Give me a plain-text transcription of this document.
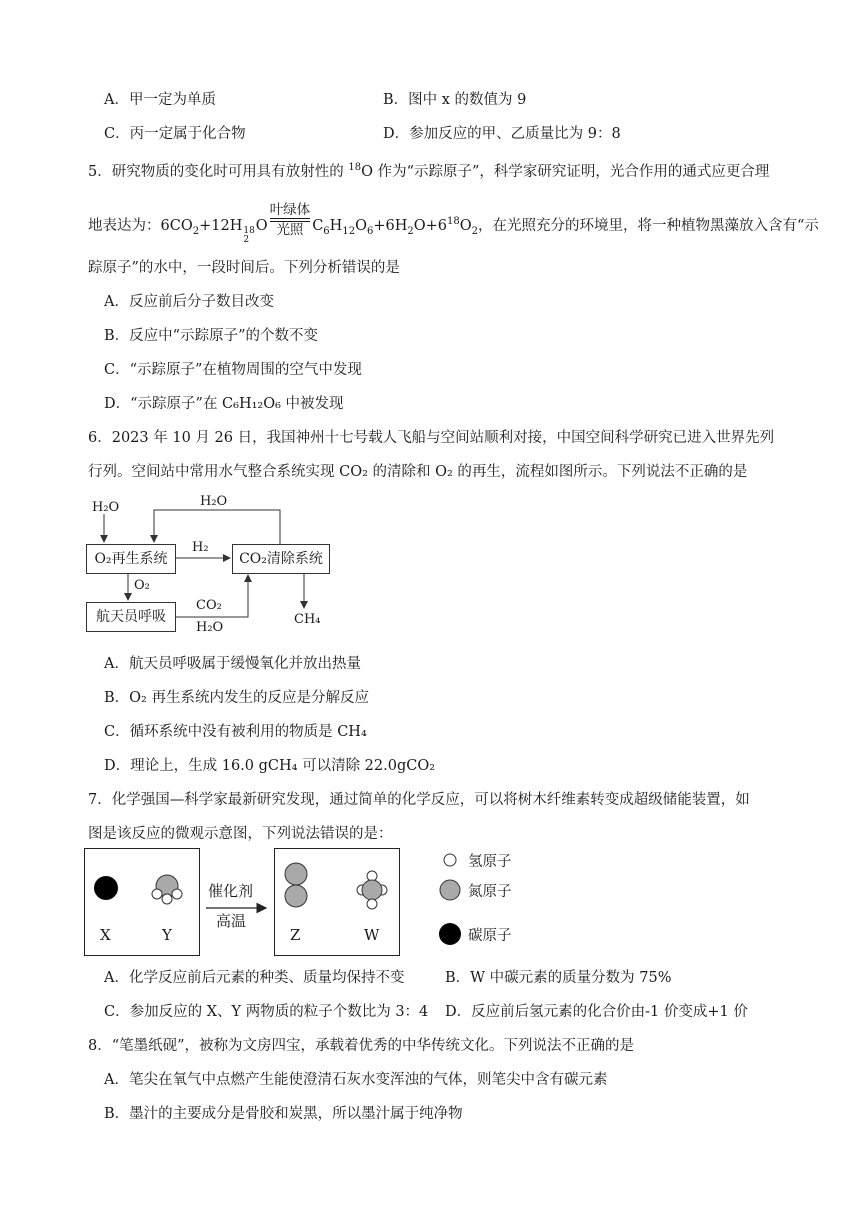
A．甲一定为单质	B．图中 x 的数值为 9
C．丙一定属于化合物	D．参加反应的甲、乙质量比为 9：8
5．研究物质的变化时可用具有放射性的 $^{18}$O 作为“示踪原子”，科学家研究证明，光合作用的通式应更合理
地表达为：$6CO_2+12H$ 18
2
O $\frac{\text{叶绿体}}{\text{光照}} C_6H_{12}O_6+6H_2O+6^{18}O_2$，在光照充分的环境里，将一种植物黑藻放入含有“示
踪原子”的水中，一段时间后。下列分析错误的是
A．反应前后分子数目改变
B．反应中“示踪原子”的个数不变
C．“示踪原子”在植物周围的空气中发现
D．“示踪原子”在 C₆H₁₂O₆ 中被发现
6．2023 年 10 月 26 日，我国神州十七号载人飞船与空间站顺利对接，中国空间科学研究已进入世界先列
行列。空间站中常用水气整合系统实现 CO₂ 的清除和 O₂ 的再生，流程如图所示。下列说法不正确的是
H₂O	H₂O
O₂再生系统
H₂
CO₂清除系统
O₂
航天员呼吸
CO₂
H₂O
CH₄
A．航天员呼吸属于缓慢氧化并放出热量
B．O₂ 再生系统内发生的反应是分解反应
C．循环系统中没有被利用的物质是 CH₄
D．理论上，生成 16.0 gCH₄ 可以清除 22.0gCO₂
7．化学强国—科学家最新研究发现，通过简单的化学反应，可以将树木纤维素转变成超级储能装置，如
图是该反应的微观示意图，下列说法错误的是：
X	Y
催化剂
高温
Z	W
氢原子
氮原子
碳原子
A．化学反应前后元素的种类、质量均保持不变	B．W 中碳元素的质量分数为 75%
C．参加反应的 X、Y 两物质的粒子个数比为 3：4 D．反应前后氢元素的化合价由-1 价变成+1 价
8．“笔墨纸砚”，被称为文房四宝，承载着优秀的中华传统文化。下列说法不正确的是
A．笔尖在氧气中点燃产生能使澄清石灰水变浑浊的气体，则笔尖中含有碳元素
B．墨汁的主要成分是骨胶和炭黑，所以墨汁属于纯净物
